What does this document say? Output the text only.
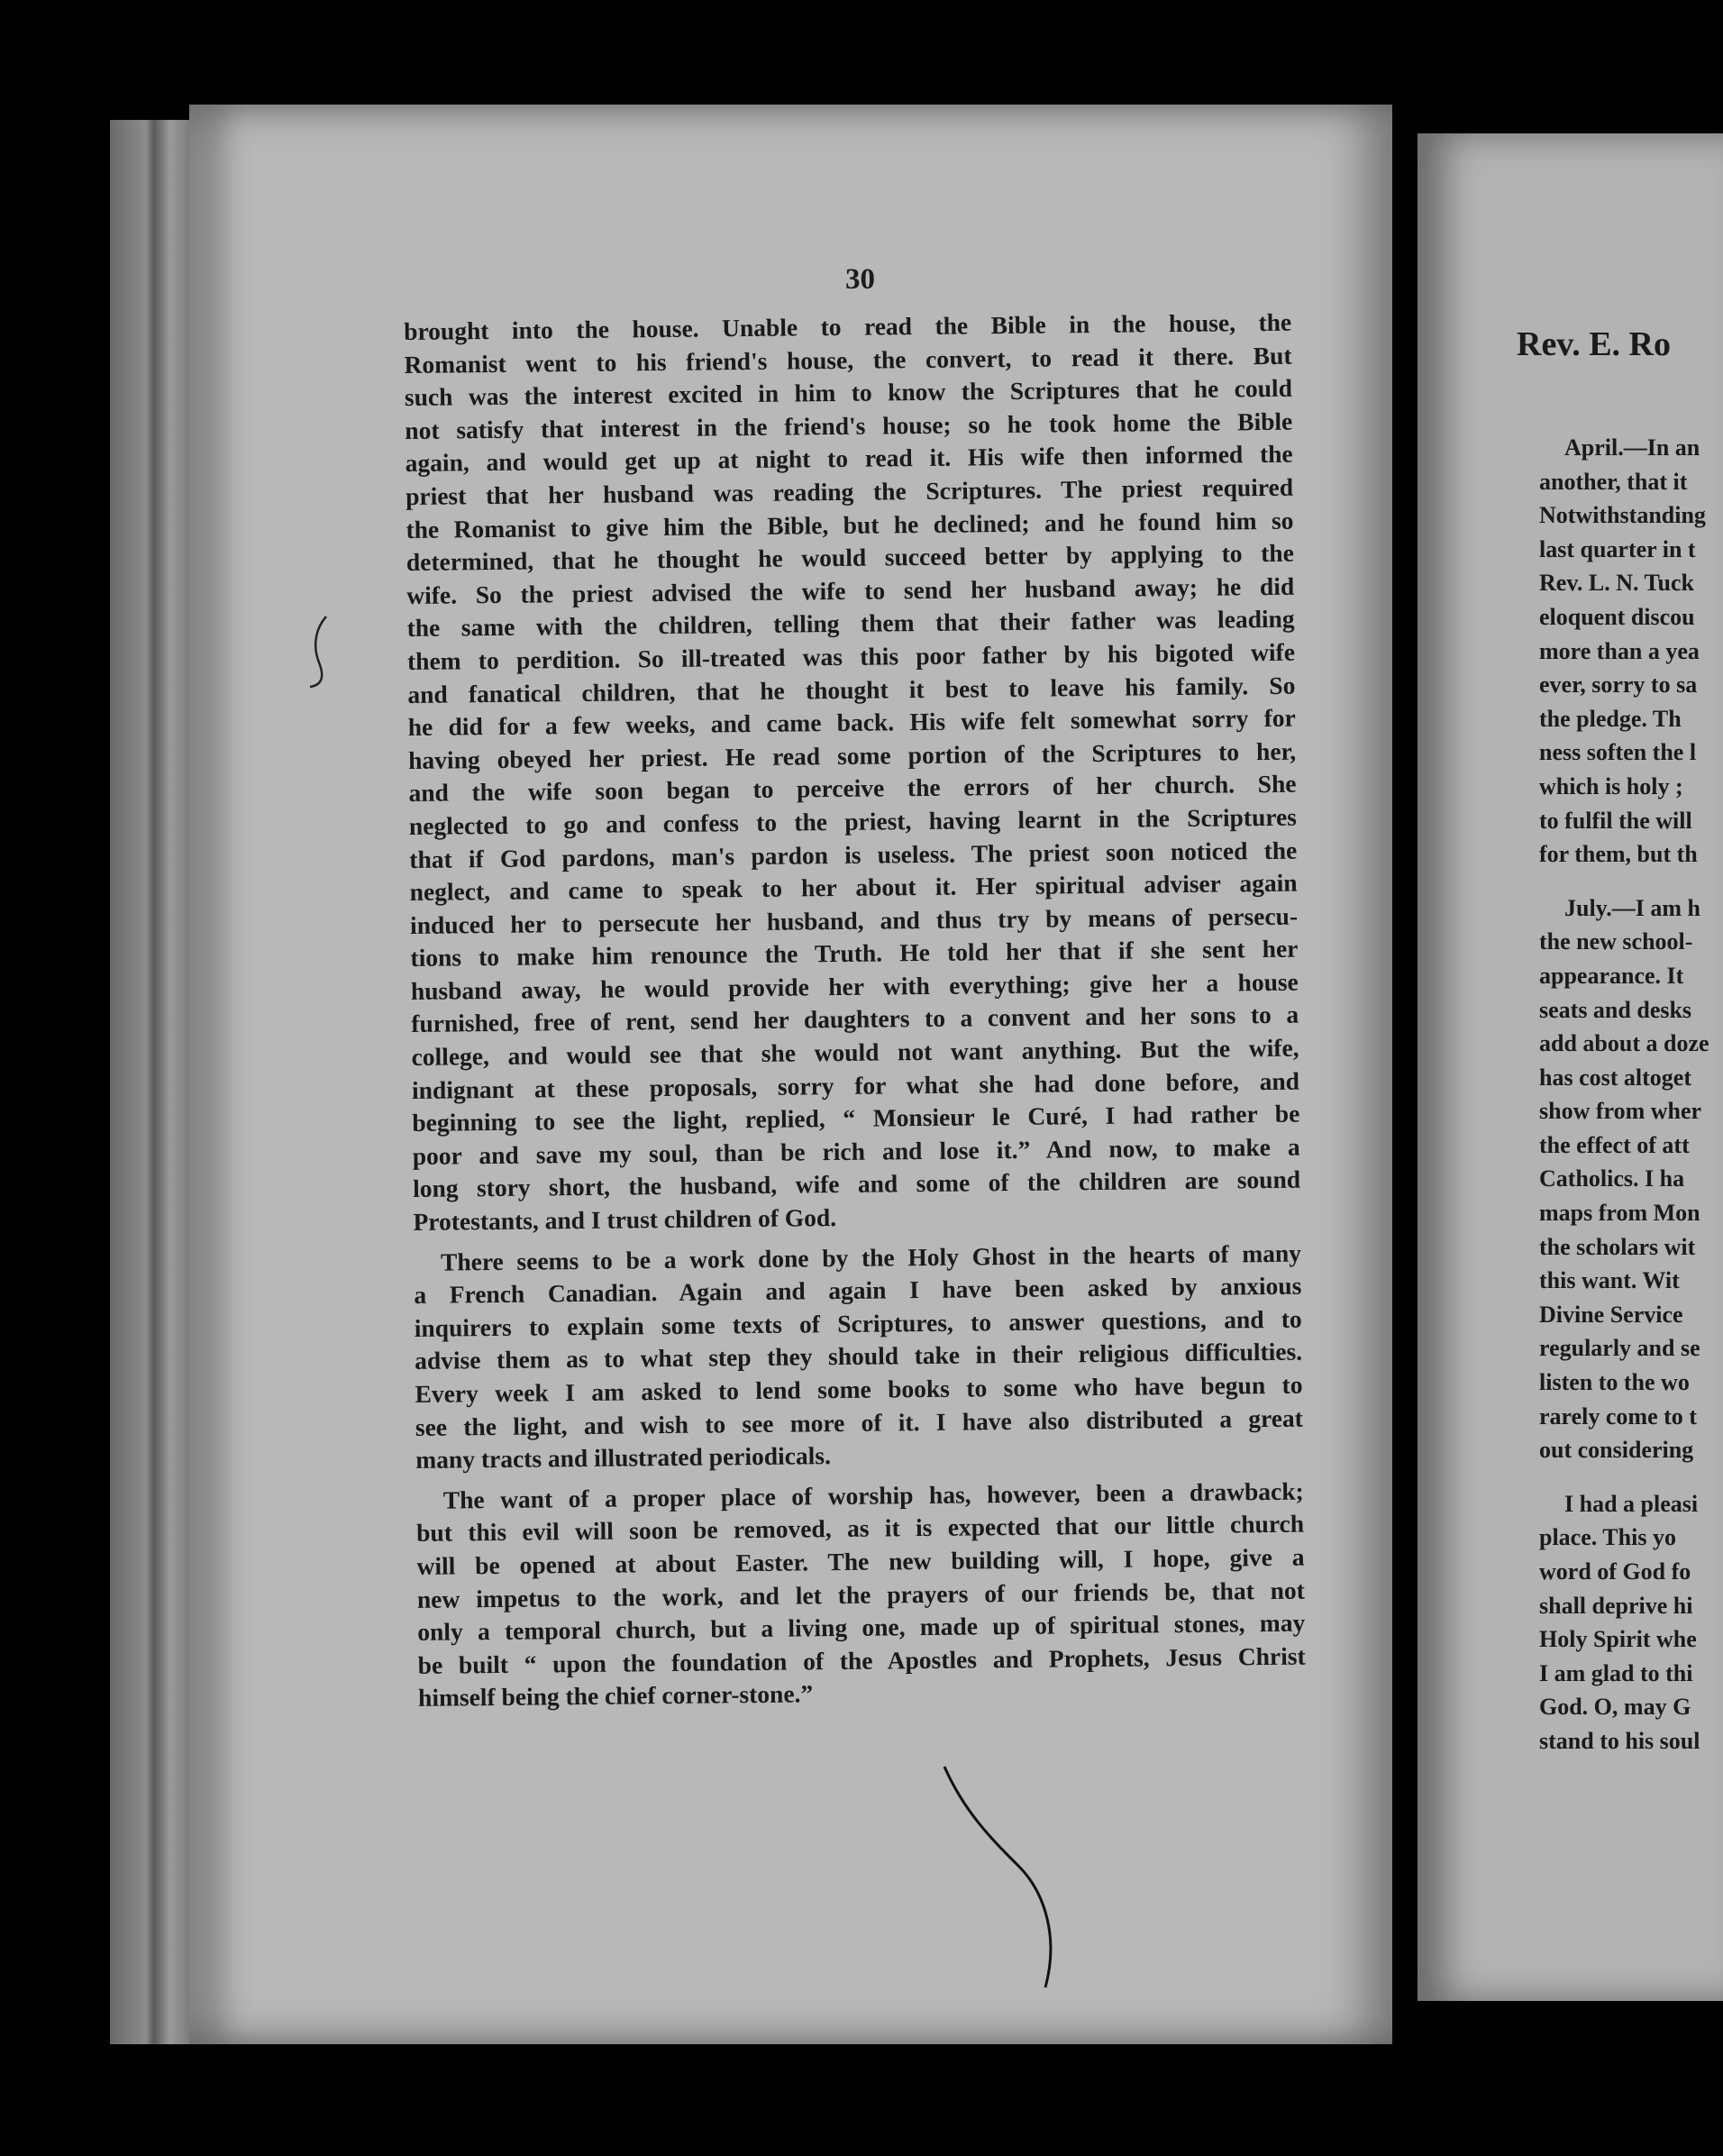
30

brought into the house. Unable to read the Bible in the house, the
Romanist went to his friend's house, the convert, to read it there. But
such was the interest excited in him to know the Scriptures that he could
not satisfy that interest in the friend's house; so he took home the Bible
again, and would get up at night to read it. His wife then informed the
priest that her husband was reading the Scriptures. The priest required
the Romanist to give him the Bible, but he declined; and he found him so
determined, that he thought he would succeed better by applying to the
wife. So the priest advised the wife to send her husband away; he did
the same with the children, telling them that their father was leading
them to perdition. So ill-treated was this poor father by his bigoted wife
and fanatical children, that he thought it best to leave his family. So
he did for a few weeks, and came back. His wife felt somewhat sorry for
having obeyed her priest. He read some portion of the Scriptures to her,
and the wife soon began to perceive the errors of her church. She
neglected to go and confess to the priest, having learnt in the Scriptures
that if God pardons, man's pardon is useless. The priest soon noticed the
neglect, and came to speak to her about it. Her spiritual adviser again
induced her to persecute her husband, and thus try by means of persecu-
tions to make him renounce the Truth. He told her that if she sent her
husband away, he would provide her with everything; give her a house
furnished, free of rent, send her daughters to a convent and her sons to a
college, and would see that she would not want anything. But the wife,
indignant at these proposals, sorry for what she had done before, and
beginning to see the light, replied, “ Monsieur le Curé, I had rather be
poor and save my soul, than be rich and lose it.” And now, to make a
long story short, the husband, wife and some of the children are sound
Protestants, and I trust children of God.

There seems to be a work done by the Holy Ghost in the hearts of many
a French Canadian. Again and again I have been asked by anxious
inquirers to explain some texts of Scriptures, to answer questions, and to
advise them as to what step they should take in their religious difficulties.
Every week I am asked to lend some books to some who have begun to
see the light, and wish to see more of it. I have also distributed a great
many tracts and illustrated periodicals.

The want of a proper place of worship has, however, been a drawback;
but this evil will soon be removed, as it is expected that our little church
will be opened at about Easter. The new building will, I hope, give a
new impetus to the work, and let the prayers of our friends be, that not
only a temporal church, but a living one, made up of spiritual stones, may
be built “ upon the foundation of the Apostles and Prophets, Jesus Christ
himself being the chief corner-stone.”

Rev. E. Ro
April.—In an
another, that it
Notwithstanding
last quarter in t
Rev. L. N. Tuck
eloquent discou
more than a yea
ever, sorry to sa
the pledge. Th
ness soften the l
which is holy ;
to fulfil the will
for them, but th
July.—I am h
the new school-
appearance. It
seats and desks
add about a doze
has cost altoget
show from wher
the effect of att
Catholics. I ha
maps from Mon
the scholars wit
this want. Wit
Divine Service
regularly and se
listen to the wo
rarely come to t
out considering
I had a pleasi
place. This yo
word of God fo
shall deprive hi
Holy Spirit whe
I am glad to thi
God. O, may G
stand to his soul
